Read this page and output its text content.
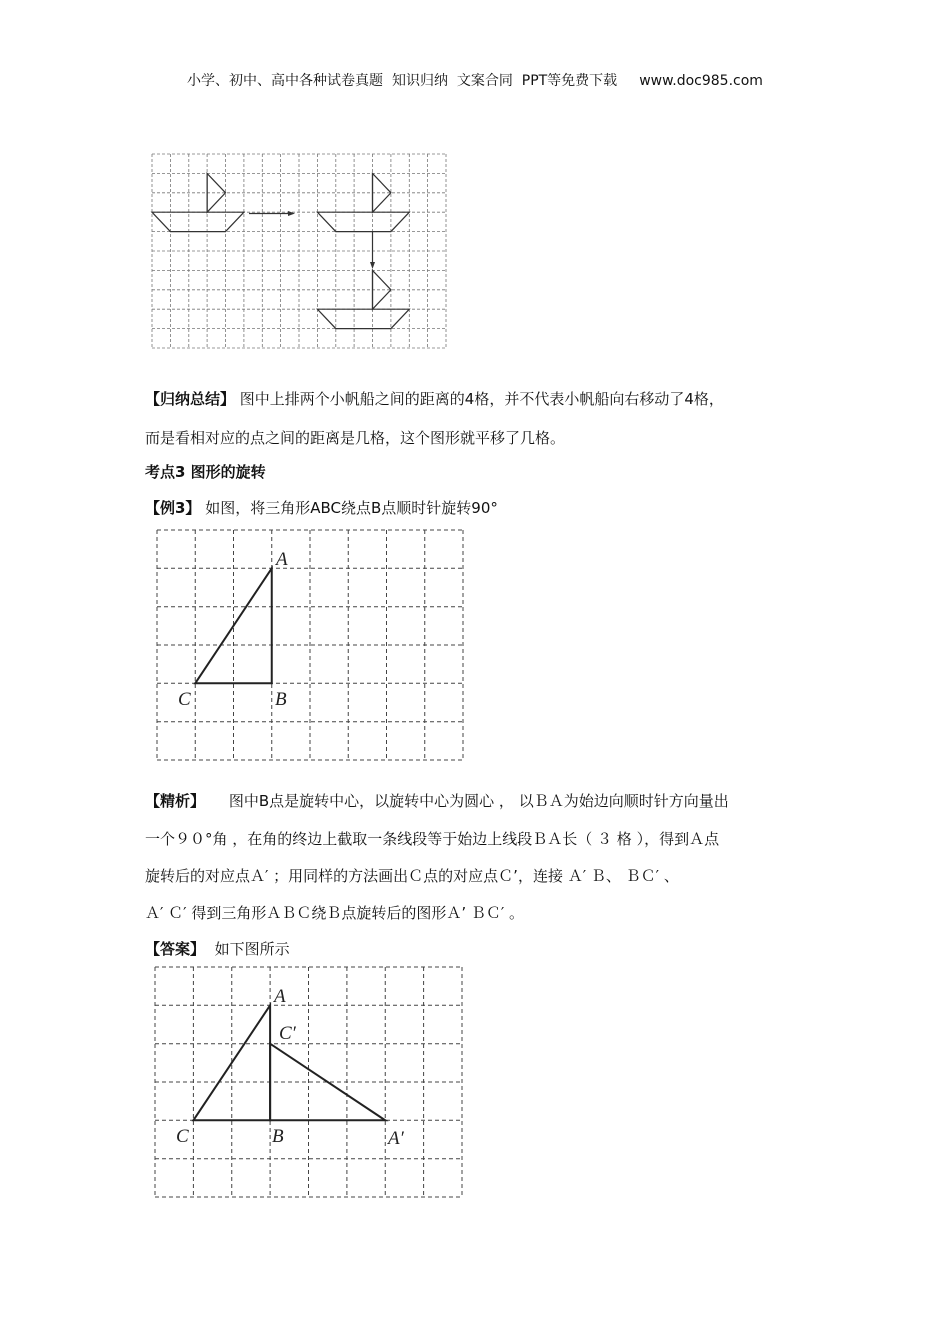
小学、初中、高中各种试卷真题  知识归纳  文案合同  PPT等免费下载 www.doc985.com
【归纳总结】 图中上排两个小帆船之间的距离的4格，并不代表小帆船向右移动了4格，
而是看相对应的点之间的距离是几格，这个图形就平移了几格。
考点3 图形的旋转
【例3】 如图，将三角形ABC绕点B点顺时针旋转90°
A
B
C
【精析】 图中B点是旋转中心，以旋转中心为圆心 ， 以ＢＡ为始边向顺时针方向量出
一个９０°角 ，在角的终边上截取一条线段等于始边上线段ＢＡ长（ ３ 格 ），得到Ａ点
旋转后的对应点Ａ′ ；用同样的方法画出Ｃ点的对应点Ｃ’，连接 Ａ′ Ｂ、 ＢＣ′ 、
Ａ′ Ｃ′ 得到三角形ＡＢＣ绕Ｂ点旋转后的图形Ａ’ ＢＣ′ 。
【答案】 如下图所示
A
C′
B
C	A′
